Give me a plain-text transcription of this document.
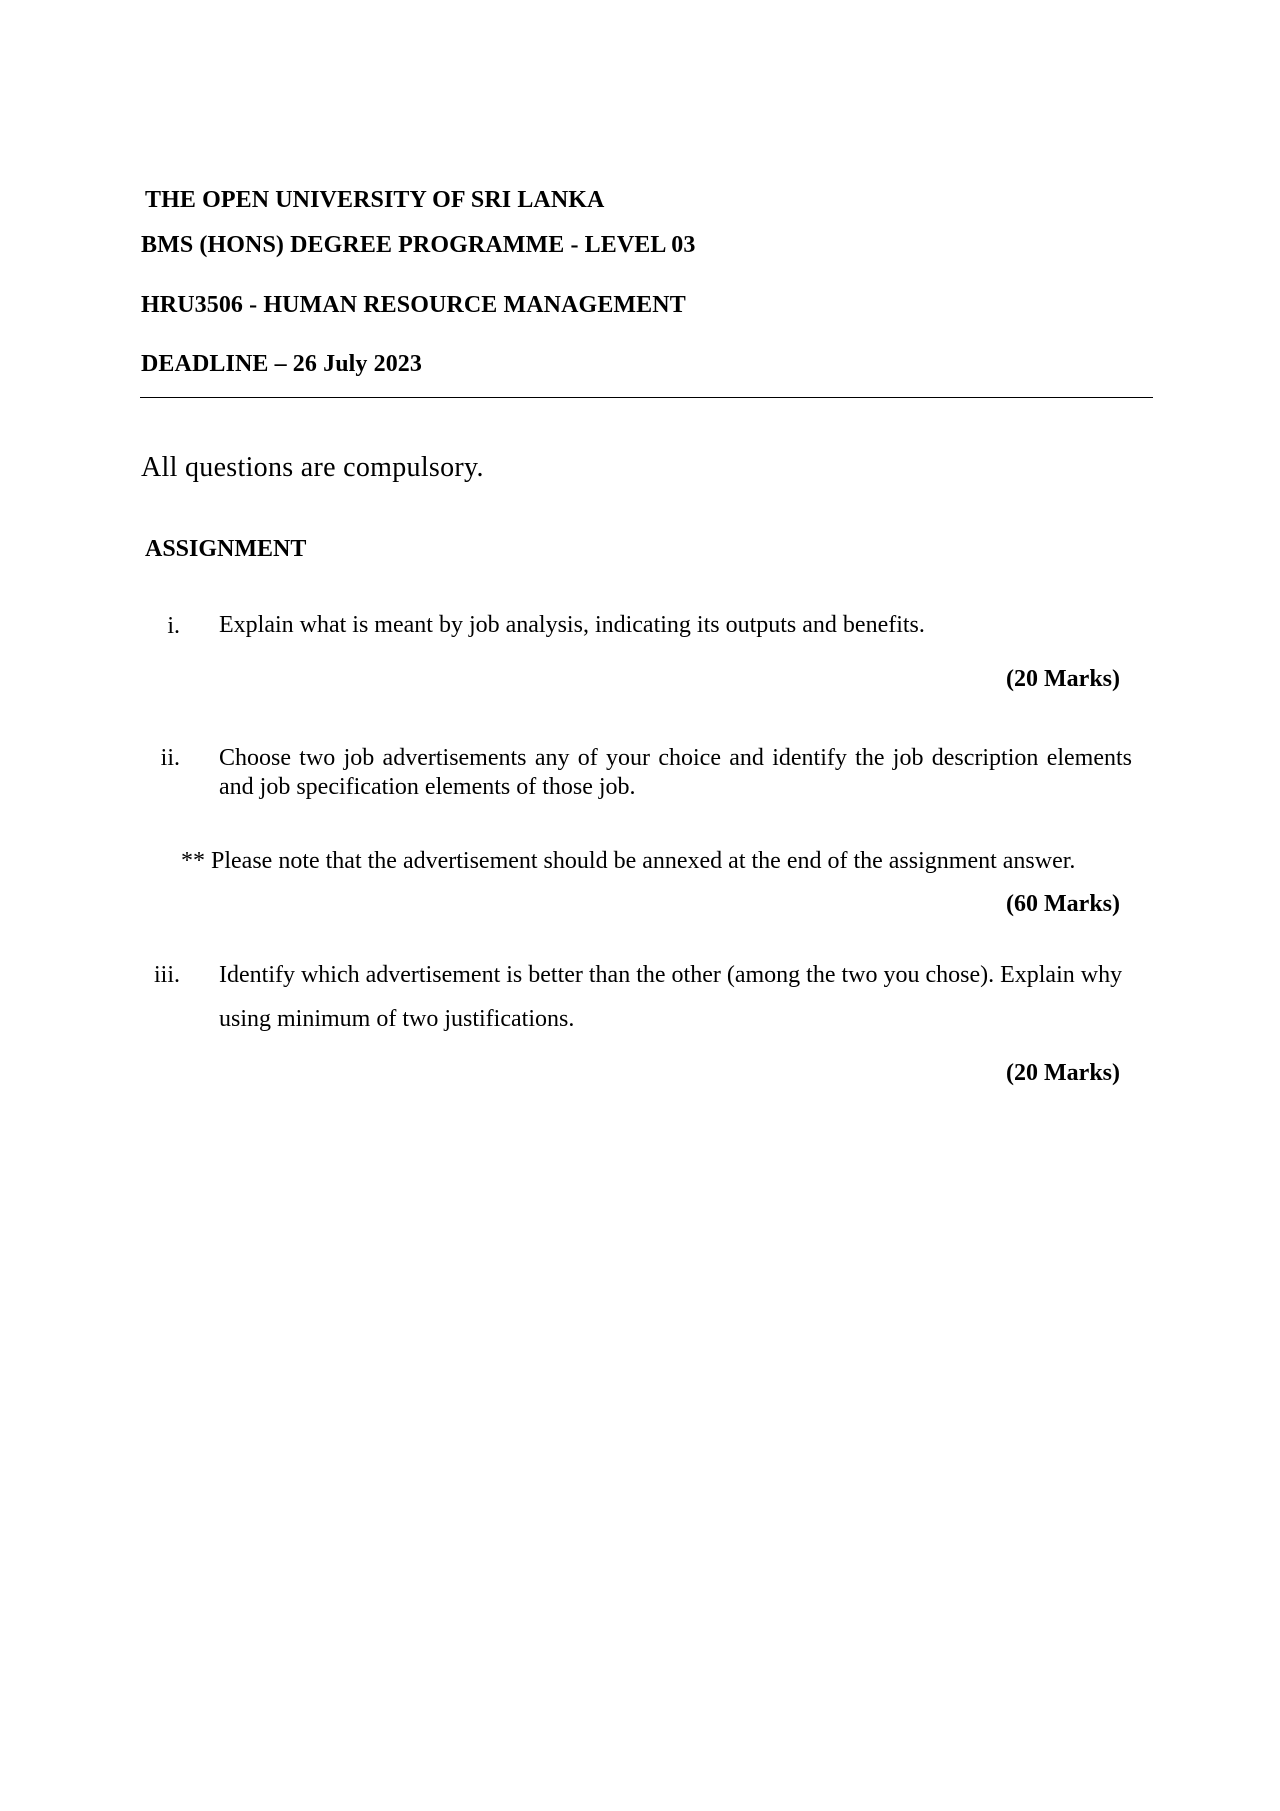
THE OPEN UNIVERSITY OF SRI LANKA
BMS (HONS) DEGREE PROGRAMME - LEVEL 03
HRU3506 - HUMAN RESOURCE MANAGEMENT
DEADLINE – 26 July 2023
All questions are compulsory.
ASSIGNMENT
i. Explain what is meant by job analysis, indicating its outputs and benefits.
(20 Marks)
ii. Choose two job advertisements any of your choice and identify the job description elements and job specification elements of those job.
** Please note that the advertisement should be annexed at the end of the assignment answer.
(60 Marks)
iii. Identify which advertisement is better than the other (among the two you chose). Explain why using minimum of two justifications.
(20 Marks)
